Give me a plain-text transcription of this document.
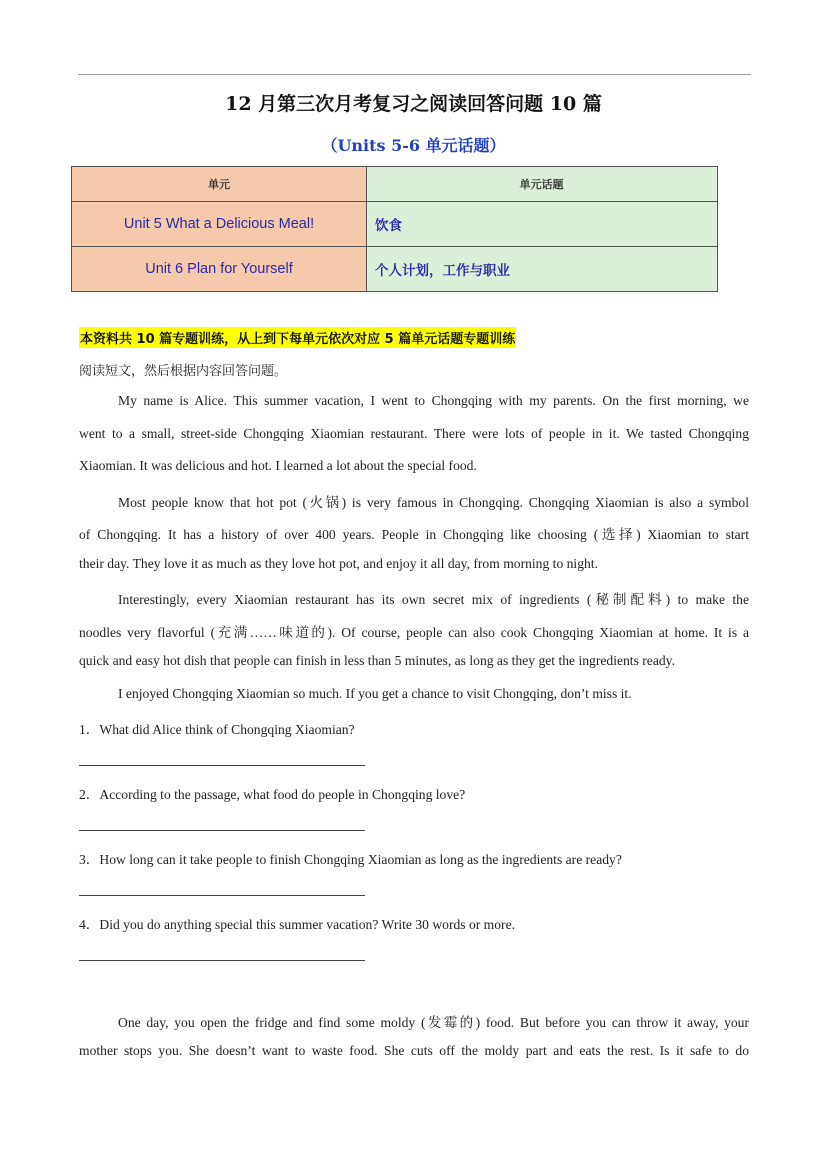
12 月第三次月考复习之阅读回答问题 10 篇
（Units 5-6 单元话题）
单元	单元话题
Unit 5 What a Delicious Meal!	饮食
Unit 6 Plan for Yourself	个人计划，工作与职业
本资料共 10 篇专题训练，从上到下每单元依次对应 5 篇单元话题专题训练
阅读短文，然后根据内容回答问题。
My name is Alice. This summer vacation, I went to Chongqing with my parents. On the first morning, we
went to a small, street-side Chongqing Xiaomian restaurant. There were lots of people in it. We tasted Chongqing
Xiaomian. It was delicious and hot. I learned a lot about the special food.
Most people know that hot pot (火锅) is very famous in Chongqing. Chongqing Xiaomian is also a symbol
of Chongqing. It has a history of over 400 years. People in Chongqing like choosing (选择) Xiaomian to start
their day. They love it as much as they love hot pot, and enjoy it all day, from morning to night.
Interestingly, every Xiaomian restaurant has its own secret mix of ingredients (秘制配料) to make the
noodles very flavorful (充满……味道的). Of course, people can also cook Chongqing Xiaomian at home. It is a
quick and easy hot dish that people can finish in less than 5 minutes, as long as they get the ingredients ready.
I enjoyed Chongqing Xiaomian so much. If you get a chance to visit Chongqing, don’t miss it.
1．What did Alice think of Chongqing Xiaomian?
2．According to the passage, what food do people in Chongqing love?
3．How long can it take people to finish Chongqing Xiaomian as long as the ingredients are ready?
4．Did you do anything special this summer vacation? Write 30 words or more.
One day, you open the fridge and find some moldy (发霉的) food. But before you can throw it away, your
mother stops you. She doesn’t want to waste food. She cuts off the moldy part and eats the rest. Is it safe to do
